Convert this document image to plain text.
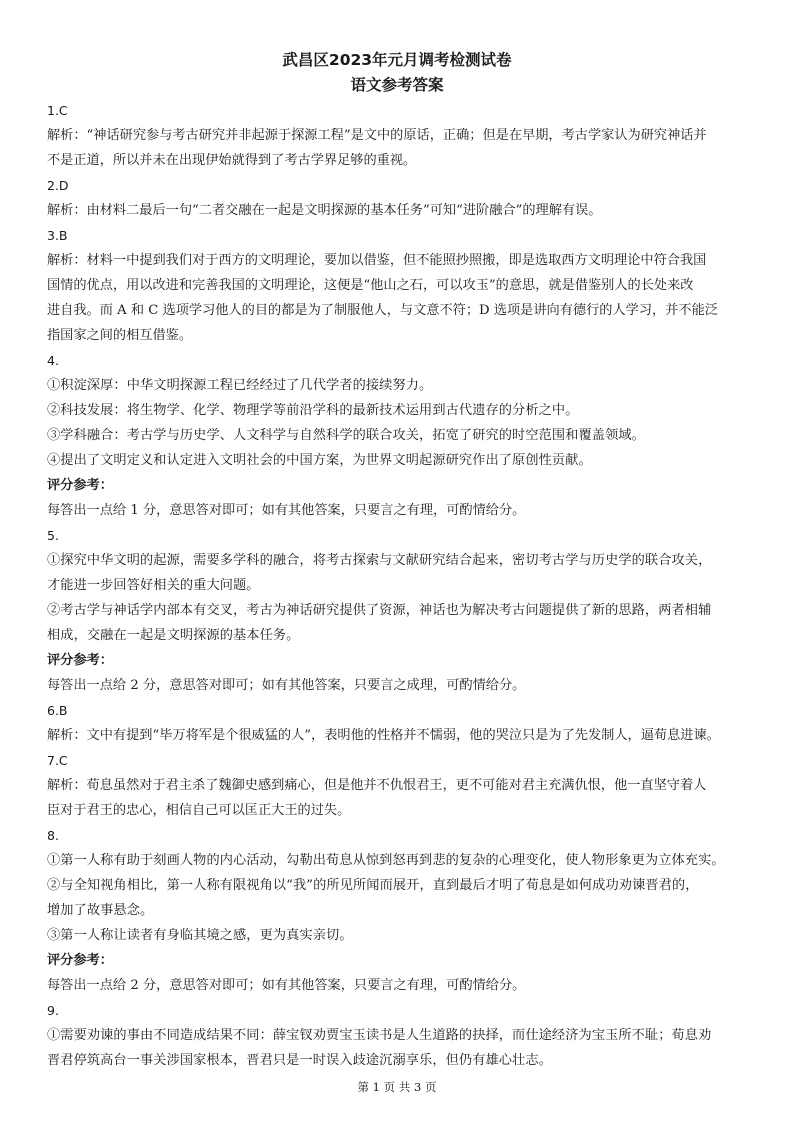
武昌区2023年元月调考检测试卷
语文参考答案
1.C
解析：“神话研究参与考古研究并非起源于探源工程”是文中的原话，正确；但是在早期，考古学家认为研究神话并
不是正道，所以并未在出现伊始就得到了考古学界足够的重视。
2.D
解析：由材料二最后一句“二者交融在一起是文明探源的基本任务”可知“进阶融合”的理解有误。
3.B
解析：材料一中提到我们对于西方的文明理论，要加以借鉴，但不能照抄照搬，即是选取西方文明理论中符合我国
国情的优点，用以改进和完善我国的文明理论，这便是“他山之石，可以攻玉”的意思，就是借鉴别人的长处来改
进自我。而 A 和 C 选项学习他人的目的都是为了制服他人，与文意不符；D 选项是讲向有德行的人学习，并不能泛
指国家之间的相互借鉴。
4.
①积淀深厚：中华文明探源工程已经经过了几代学者的接续努力。
②科技发展：将生物学、化学、物理学等前沿学科的最新技术运用到古代遗存的分析之中。
③学科融合：考古学与历史学、人文科学与自然科学的联合攻关，拓宽了研究的时空范围和覆盖领域。
④提出了文明定义和认定进入文明社会的中国方案，为世界文明起源研究作出了原创性贡献。
评分参考：
每答出一点给 1 分，意思答对即可；如有其他答案，只要言之有理，可酌情给分。
5.
①探究中华文明的起源，需要多学科的融合，将考古探索与文献研究结合起来，密切考古学与历史学的联合攻关，
才能进一步回答好相关的重大问题。
②考古学与神话学内部本有交叉，考古为神话研究提供了资源，神话也为解决考古问题提供了新的思路，两者相辅
相成，交融在一起是文明探源的基本任务。
评分参考：
每答出一点给 2 分，意思答对即可；如有其他答案，只要言之成理，可酌情给分。
6.B
解析：文中有提到“毕万将军是个很威猛的人”，表明他的性格并不懦弱，他的哭泣只是为了先发制人，逼荀息进谏。
7.C
解析：荀息虽然对于君主杀了魏御史感到痛心，但是他并不仇恨君王，更不可能对君主充满仇恨，他一直坚守着人
臣对于君王的忠心，相信自己可以匡正大王的过失。
8.
①第一人称有助于刻画人物的内心活动，勾勒出荀息从惊到怒再到悲的复杂的心理变化，使人物形象更为立体充实。
②与全知视角相比，第一人称有限视角以“我”的所见所闻而展开，直到最后才明了荀息是如何成功劝谏晋君的，
增加了故事悬念。
③第一人称让读者有身临其境之感，更为真实亲切。
评分参考：
每答出一点给 2 分，意思答对即可；如有其他答案，只要言之有理，可酌情给分。
9.
①需要劝谏的事由不同造成结果不同：薛宝钗劝贾宝玉读书是人生道路的抉择，而仕途经济为宝玉所不耻；荀息劝
晋君停筑高台一事关涉国家根本，晋君只是一时误入歧途沉溺享乐，但仍有雄心壮志。
第 1 页 共 3 页
